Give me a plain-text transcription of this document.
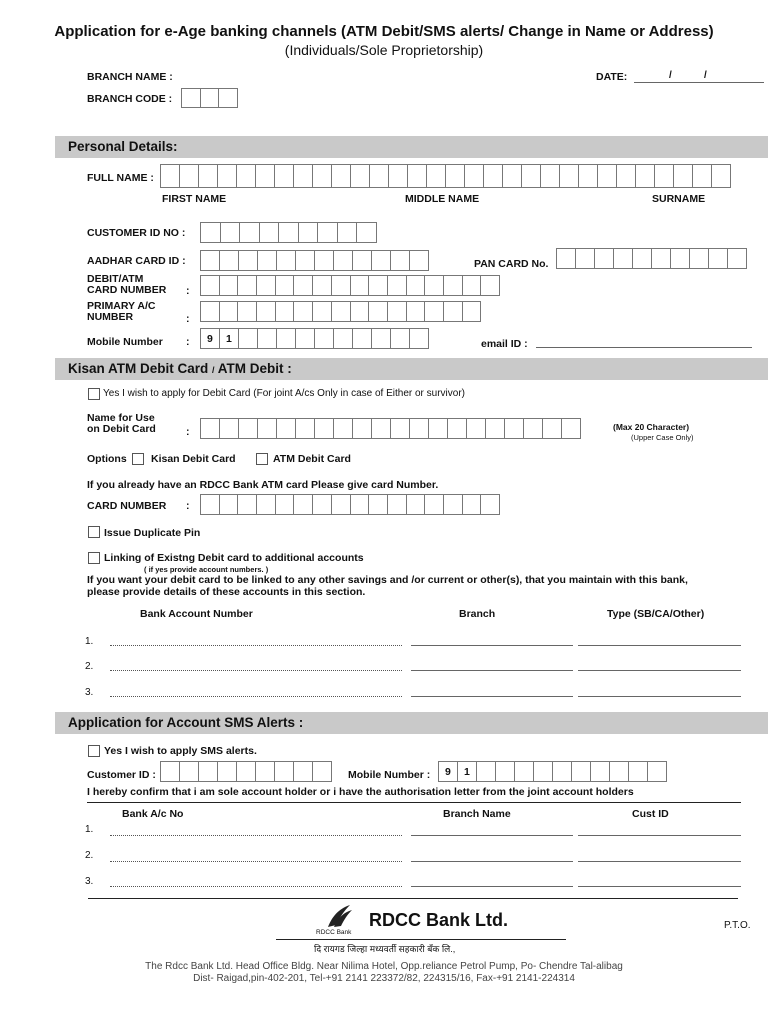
Application for e-Age banking channels (ATM Debit/SMS alerts/ Change in Name or Address)
(Individuals/Sole Proprietorship)
BRANCH NAME :
BRANCH CODE :
DATE:	/	/
Personal Details:
FULL NAME :
FIRST NAME	MIDDLE NAME	SURNAME
CUSTOMER ID NO :
AADHAR CARD ID :	PAN CARD No.
DEBIT/ATM
CARD NUMBER :
PRIMARY A/C
NUMBER	:
Mobile Number :	9	1	email ID :
Kisan ATM Debit Card / ATM Debit :
Yes I wish to apply for Debit Card (For joint A/cs Only in case of Either or survivor)
Name for Use
on Debit Card	:	(Max 20 Character)
(Upper Case Only)
Options Kisan Debit Card	ATM Debit Card
If you already have an RDCC Bank ATM card Please give card Number.
CARD NUMBER :
Issue Duplicate Pin
Linking of Existng Debit card to additional accounts
( if yes provide account numbers. )
If you want your debit card to be linked to any other savings and /or current or other(s), that you maintain with this bank,
please provide details of these accounts in this section.
Bank Account Number	Branch	Type (SB/CA/Other)
1.
2.
3.
Application for Account SMS Alerts :
Yes I wish to apply SMS alerts.
Customer ID :	Mobile Number :	9	1
I hereby confirm that i am sole account holder or i have the authorisation letter from the joint account holders
Bank A/c No	Branch Name	Cust ID
1.
2.
3.
RDCC Bank
RDCC Bank Ltd.	P.T.O.
दि रायगड जिल्हा मध्यवर्ती सहकारी बँक लि.,
The Rdcc Bank Ltd. Head Office Bldg. Near Nilima Hotel, Opp.reliance Petrol Pump, Po- Chendre Tal-alibag
Dist- Raigad,pin-402-201, Tel-+91 2141 223372/82, 224315/16, Fax-+91 2141-224314
